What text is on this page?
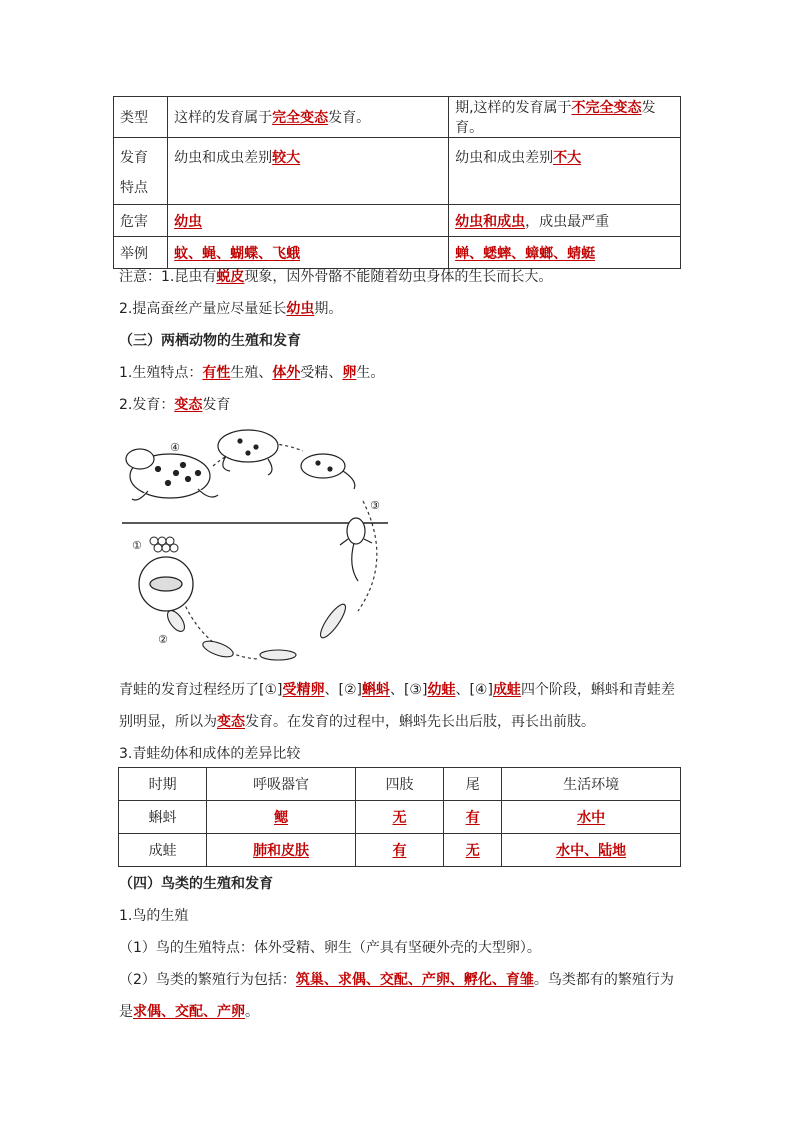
类型	这样的发育属于完全变态发育。	期,这样的发育属于不完全变态发育。
发育特点	幼虫和成虫差别较大	幼虫和成虫差别不大
危害	幼虫	幼虫和成虫，成虫最严重
举例	蚊、蝇、蝴蝶、飞蛾	蝉、蟋蟀、蟑螂、蜻蜓
注意：1.昆虫有蜕皮现象，因外骨骼不能随着幼虫身体的生长而长大。
2.提高蚕丝产量应尽量延长幼虫期。
（三）两栖动物的生殖和发育
1.生殖特点：有性生殖、体外受精、卵生。
2.发育：变态发育
④
③
①
②
青蛙的发育过程经历了[①]受精卵、[②]蝌蚪、[③]幼蛙、[④]成蛙四个阶段，蝌蚪和青蛙差
别明显，所以为变态发育。在发育的过程中，蝌蚪先长出后肢，再长出前肢。
3.青蛙幼体和成体的差异比较
时期	呼吸器官	四肢	尾	生活环境
蝌蚪	鳃	无	有	水中
成蛙	肺和皮肤	有	无	水中、陆地
（四）鸟类的生殖和发育
1.鸟的生殖
（1）鸟的生殖特点：体外受精、卵生（产具有坚硬外壳的大型卵）。
（2）鸟类的繁殖行为包括：筑巢、求偶、交配、产卵、孵化、育雏。鸟类都有的繁殖行为
是求偶、交配、产卵。
